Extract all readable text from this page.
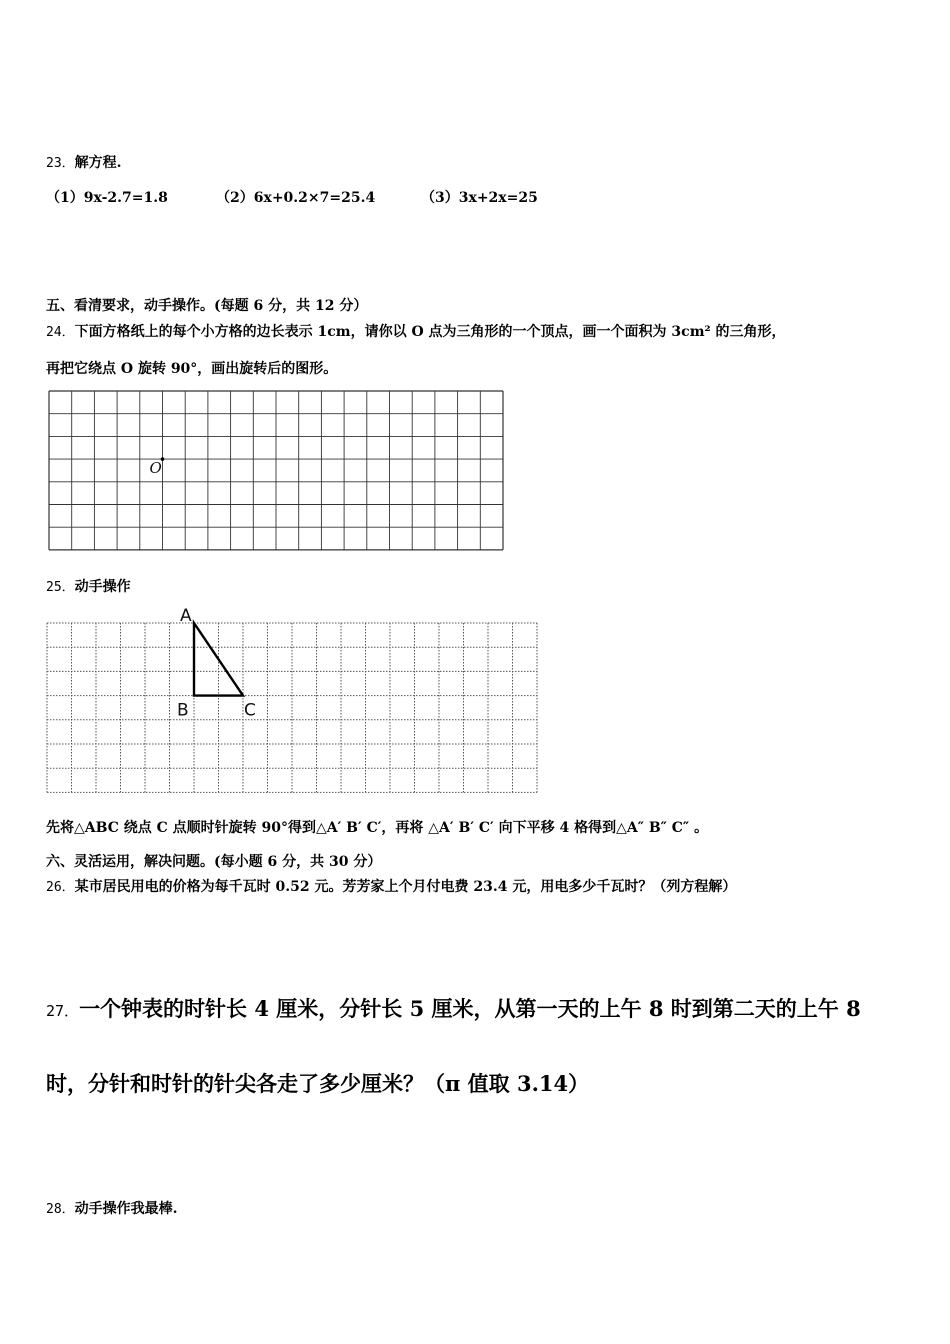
23．解方程.
（1）9x-2.7=1.8	（2）6x+0.2×7=25.4	（3）3x+2x=25
五、看清要求，动手操作。(每题 6 分，共 12 分）
24．下面方格纸上的每个小方格的边长表示 1cm，请你以 O 点为三角形的一个顶点，画一个面积为 3cm² 的三角形，
再把它绕点 O 旋转 90°，画出旋转后的图形。
O
25．动手操作
A
B	C
先将△ABC 绕点 C 点顺时针旋转 90°得到△A′ B′ C′，再将 △A′ B′ C′ 向下平移 4 格得到△A″ B″ C″ 。
六、灵活运用，解决问题。(每小题 6 分，共 30 分）
26．某市居民用电的价格为每千瓦时 0.52 元。芳芳家上个月付电费 23.4 元，用电多少千瓦时？（列方程解）
27．一个钟表的时针长 4 厘米，分针长 5 厘米，从第一天的上午 8 时到第二天的上午 8
时，分针和时针的针尖各走了多少厘米？（π 值取 3.14）
28．动手操作我最棒.
